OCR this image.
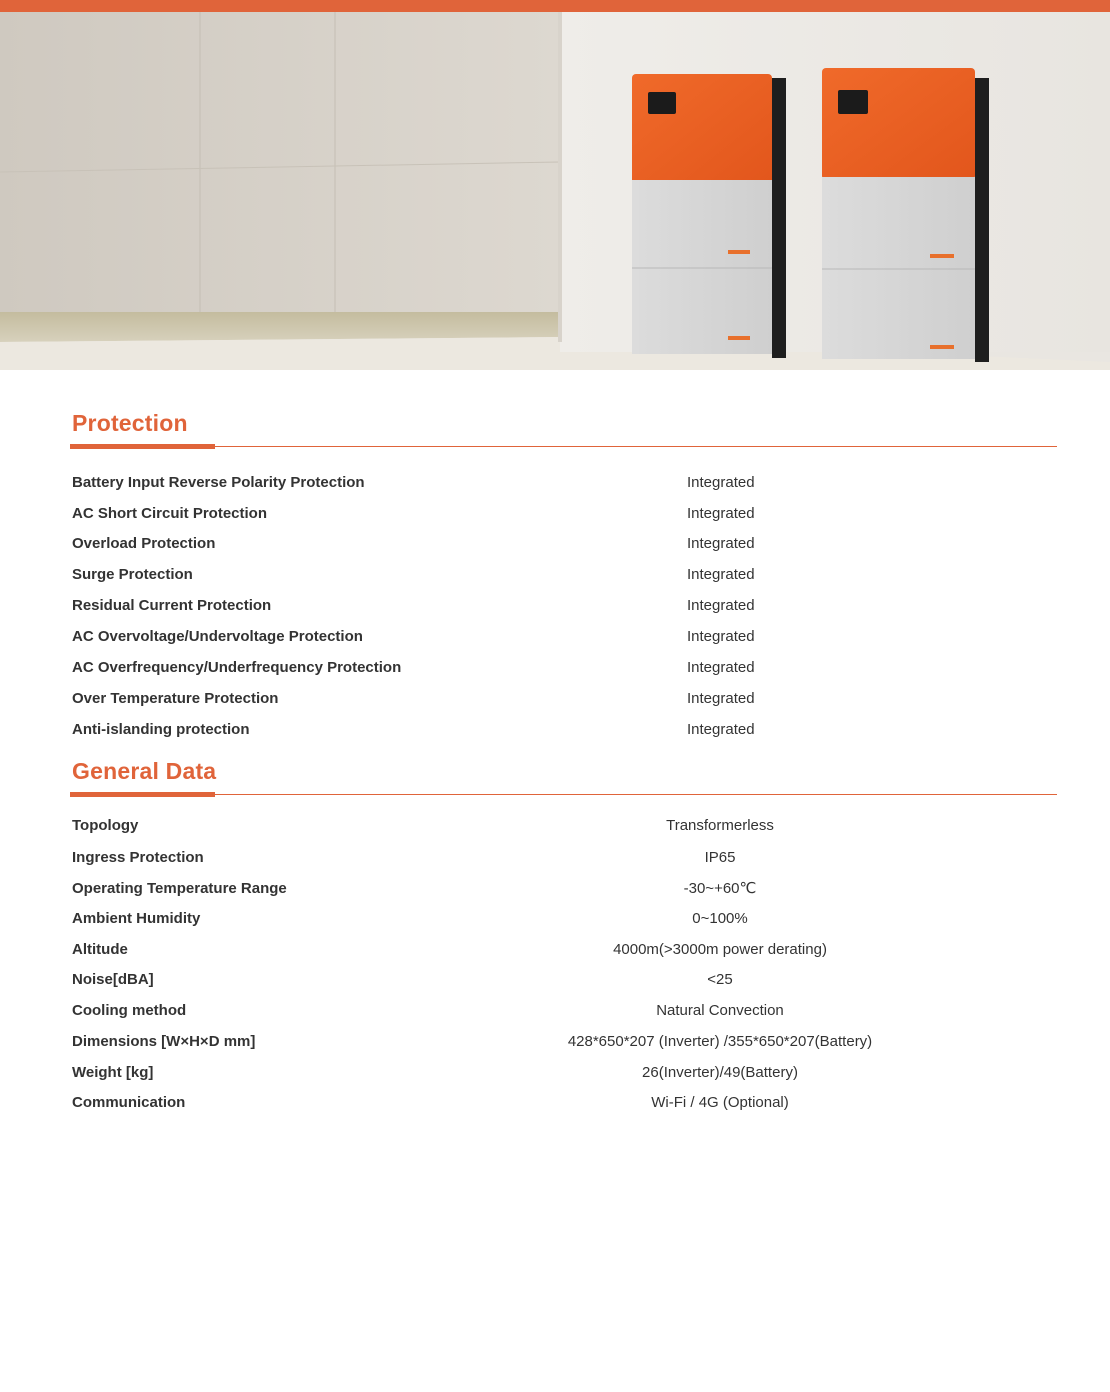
Protection
Battery Input Reverse Polarity Protection	Integrated
AC Short Circuit Protection	Integrated
Overload Protection	Integrated
Surge Protection	Integrated
Residual Current Protection	Integrated
AC Overvoltage/Undervoltage Protection	Integrated
AC Overfrequency/Underfrequency Protection	Integrated
Over Temperature Protection	Integrated
Anti-islanding protection	Integrated
General Data
Topology	Transformerless
Ingress Protection	IP65
Operating Temperature Range	-30~+60℃
Ambient Humidity	0~100%
Altitude	4000m(>3000m power derating)
Noise[dBA]	<25
Cooling method	Natural Convection
Dimensions [W×H×D mm]	428*650*207 (Inverter) /355*650*207(Battery)
Weight [kg]	26(Inverter)/49(Battery)
Communication	Wi-Fi / 4G (Optional)
